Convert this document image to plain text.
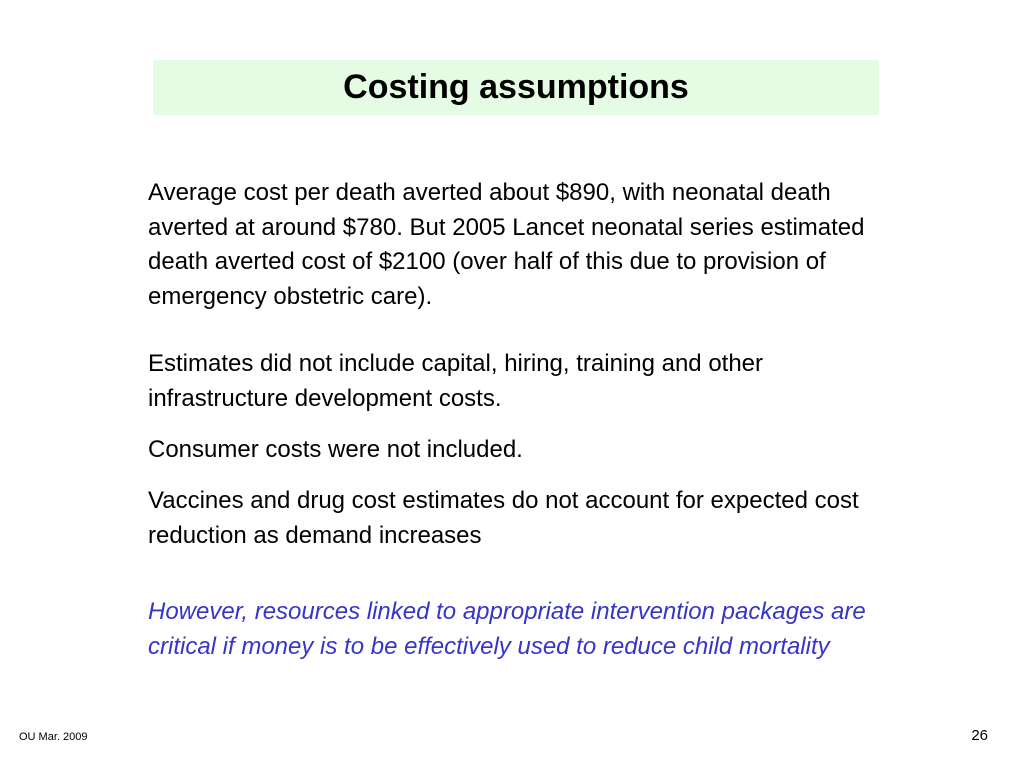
Costing assumptions

Average cost per death averted about $890, with neonatal death averted at around $780. But 2005 Lancet neonatal series estimated death averted cost of $2100 (over half of this due to provision of emergency obstetric care).

Estimates did not include capital, hiring, training and other infrastructure development costs.

Consumer costs were not included.

Vaccines and drug cost estimates do not account for expected cost reduction as demand increases

However, resources linked to appropriate intervention packages are critical if money is to be effectively used to reduce child mortality

OU Mar. 2009	26
